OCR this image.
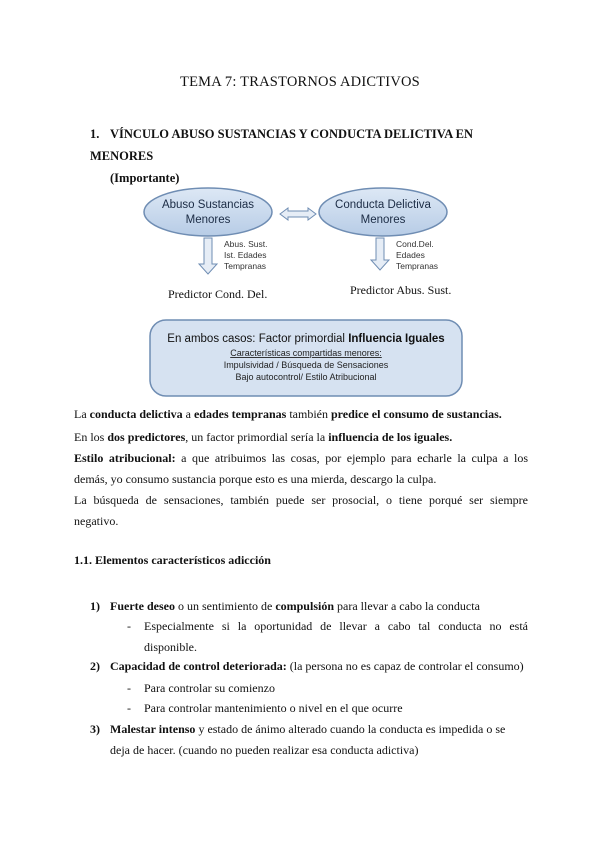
TEMA 7: TRASTORNOS ADICTIVOS
1. VÍNCULO ABUSO SUSTANCIAS Y CONDUCTA DELICTIVA EN MENORES
(Importante)
Abuso Sustancias
Menores
Conducta Delictiva
Menores
Abus. Sust.
Ist. Edades
Tempranas
Cond.Del.
Edades
Tempranas
Predictor Cond. Del.	Predictor Abus. Sust.
En ambos casos: Factor primordial Influencia Iguales
Características compartidas menores:
Impulsividad / Búsqueda de Sensaciones
Bajo autocontrol/ Estilo Atribucional
La conducta delictiva a edades tempranas también predice el consumo de sustancias.
En los dos predictores, un factor primordial sería la influencia de los iguales.
Estilo atribucional: a que atribuimos las cosas, por ejemplo para echarle la culpa a los demás, yo consumo sustancia porque esto es una mierda, descargo la culpa.
La búsqueda de sensaciones, también puede ser prosocial, o tiene porqué ser siempre negativo.
1.1. Elementos característicos adicción
1) Fuerte deseo o un sentimiento de compulsión para llevar a cabo la conducta
-	Especialmente si la oportunidad de llevar a cabo tal conducta no está disponible.
2) Capacidad de control deteriorada: (la persona no es capaz de controlar el consumo)
-	Para controlar su comienzo
-	Para controlar mantenimiento o nivel en el que ocurre
3) Malestar intenso y estado de ánimo alterado cuando la conducta es impedida o se
deja de hacer. (cuando no pueden realizar esa conducta adictiva)
